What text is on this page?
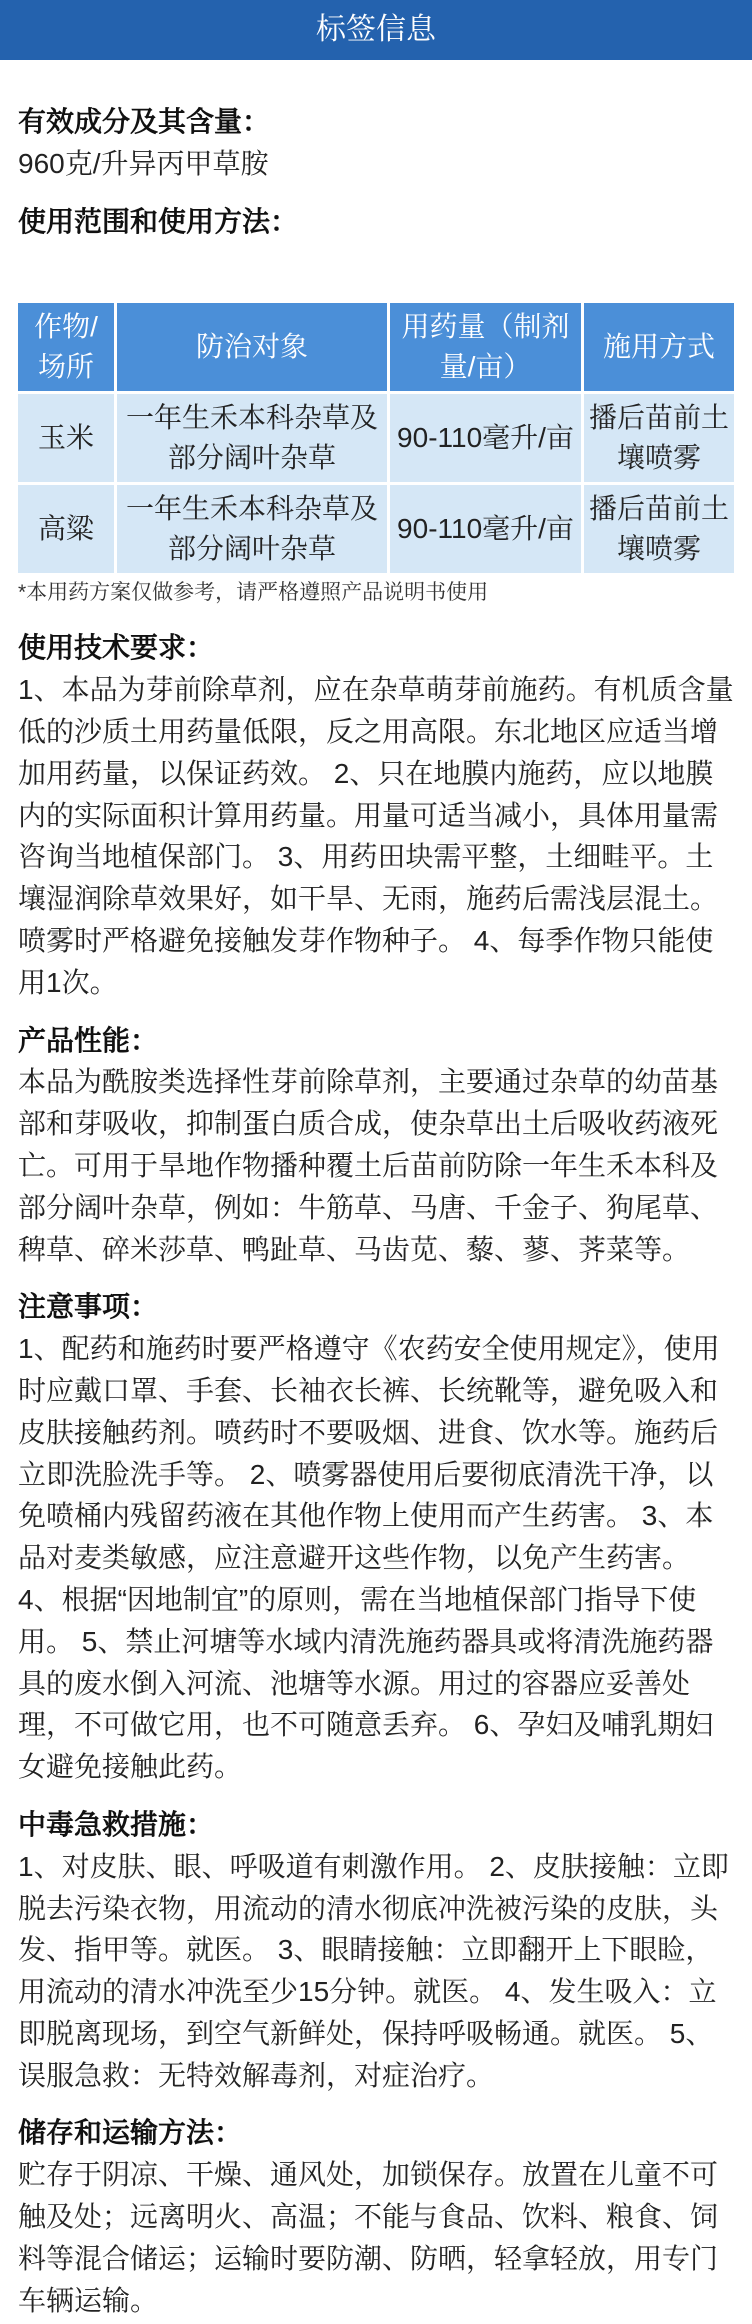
标签信息

有效成分及其含量：

960克/升异丙甲草胺

使用范围和使用方法：

作物/场所	防治对象	用药量（制剂量/亩）	施用方式
玉米	一年生禾本科杂草及部分阔叶杂草	90-110毫升/亩	播后苗前土壤喷雾
高粱	一年生禾本科杂草及部分阔叶杂草	90-110毫升/亩	播后苗前土壤喷雾

*本用药方案仅做参考，请严格遵照产品说明书使用

使用技术要求：

1、本品为芽前除草剂，应在杂草萌芽前施药。有机质含量低的沙质土用药量低限，反之用高限。东北地区应适当增加用药量，以保证药效。 2、只在地膜内施药，应以地膜内的实际面积计算用药量。用量可适当减小，具体用量需咨询当地植保部门。 3、用药田块需平整，土细畦平。土壤湿润除草效果好，如干旱、无雨，施药后需浅层混土。喷雾时严格避免接触发芽作物种子。 4、每季作物只能使用1次。

产品性能：

本品为酰胺类选择性芽前除草剂，主要通过杂草的幼苗基部和芽吸收，抑制蛋白质合成，使杂草出土后吸收药液死亡。可用于旱地作物播种覆土后苗前防除一年生禾本科及部分阔叶杂草，例如：牛筋草、马唐、千金子、狗尾草、稗草、碎米莎草、鸭趾草、马齿苋、藜、蓼、荠菜等。

注意事项：

1、配药和施药时要严格遵守《农药安全使用规定》，使用时应戴口罩、手套、长袖衣长裤、长统靴等，避免吸入和皮肤接触药剂。喷药时不要吸烟、进食、饮水等。施药后立即洗脸洗手等。 2、喷雾器使用后要彻底清洗干净，以免喷桶内残留药液在其他作物上使用而产生药害。 3、本品对麦类敏感，应注意避开这些作物，以免产生药害。 4、根据“因地制宜”的原则，需在当地植保部门指导下使用。 5、禁止河塘等水域内清洗施药器具或将清洗施药器具的废水倒入河流、池塘等水源。用过的容器应妥善处理，不可做它用，也不可随意丢弃。 6、孕妇及哺乳期妇女避免接触此药。

中毒急救措施：

1、对皮肤、眼、呼吸道有刺激作用。 2、皮肤接触：立即脱去污染衣物，用流动的清水彻底冲洗被污染的皮肤，头发、指甲等。就医。 3、眼睛接触：立即翻开上下眼睑，用流动的清水冲洗至少15分钟。就医。 4、发生吸入：立即脱离现场，到空气新鲜处，保持呼吸畅通。就医。 5、误服急救：无特效解毒剂，对症治疗。

储存和运输方法：

贮存于阴凉、干燥、通风处，加锁保存。放置在儿童不可触及处；远离明火、高温；不能与食品、饮料、粮食、饲料等混合储运；运输时要防潮、防晒，轻拿轻放，用专门车辆运输。
